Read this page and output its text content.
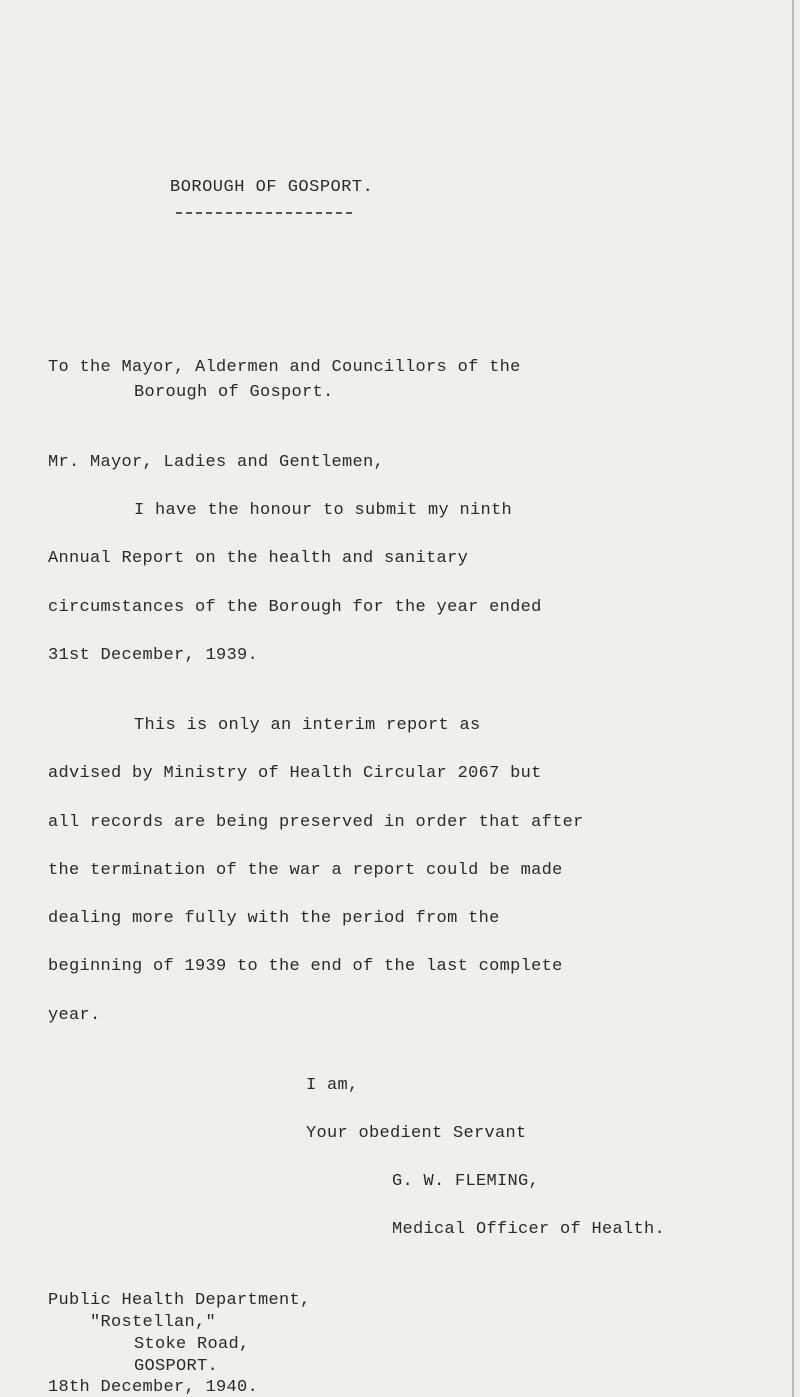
BOROUGH OF GOSPORT.
To the Mayor, Aldermen and Councillors of the
Borough of Gosport.
Mr. Mayor, Ladies and Gentlemen,
I have the honour to submit my ninth
Annual Report on the health and sanitary
circumstances of the Borough for the year ended
31st December, 1939.
This is only an interim report as
advised by Ministry of Health Circular 2067 but
all records are being preserved in order that after
the termination of the war a report could be made
dealing more fully with the period from the
beginning of 1939 to the end of the last complete
year.
I am,
Your obedient Servant
G. W. FLEMING,
Medical Officer of Health.
Public Health Department,
"Rostellan,"
Stoke Road,
GOSPORT.
18th December, 1940.
